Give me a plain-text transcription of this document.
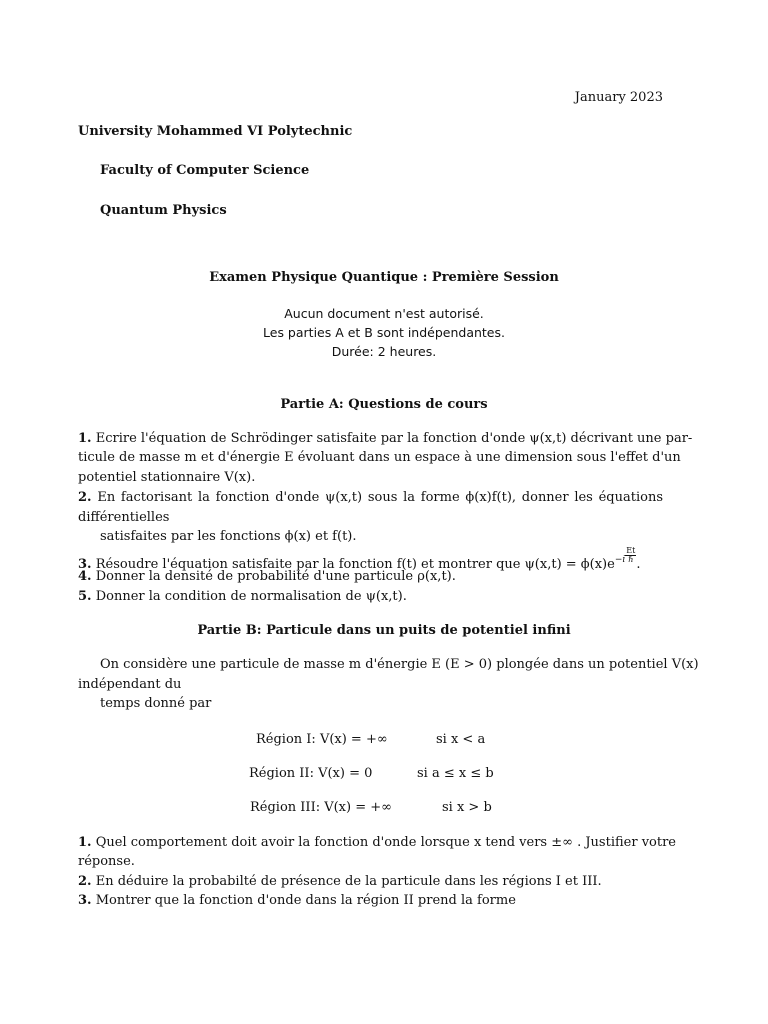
January 2023
University Mohammed VI Polytechnic
Faculty of Computer Science
Quantum Physics
Examen Physique Quantique : Première Session
Aucun document n'est autorisé.
Les parties A et B sont indépendantes.
Durée: 2 heures.
Partie A: Questions de cours
1. Ecrire l'équation de Schrödinger satisfaite par la fonction d'onde ψ(x,t) décrivant une par-
ticule de masse m et d'énergie E évoluant dans un espace à une dimension sous l'effet d'un
potentiel stationnaire V(x).
2. En factorisant la fonction d'onde ψ(x,t) sous la forme ϕ(x)f(t), donner les équations
différentielles
satisfaites par les fonctions ϕ(x) et f(t).
3. Résoudre l'équation satisfaite par la fonction f(t) et montrer que $\psi(x,t) = \phi(x)e^{-i} \frac{Et}{\text{ℏ}}$
.
4. Donner la densité de probabilité d'une particule ρ(x,t).
5. Donner la condition de normalisation de ψ(x,t).
Partie B: Particule dans un puits de potentiel infini
On considère une particule de masse m d'énergie E (E > 0) plongée dans un potentiel V(x)
indépendant du
temps donné par
Région I: V(x) = +∞	si x < a
Région II: V(x) = 0	si a ≤ x ≤ b
Région III: V(x) = +∞	si x > b
1. Quel comportement doit avoir la fonction d'onde lorsque x tend vers ±∞ . Justifier votre
réponse.
2. En déduire la probabilté de présence de la particule dans les régions I et III.
3. Montrer que la fonction d'onde dans la région II prend la forme
